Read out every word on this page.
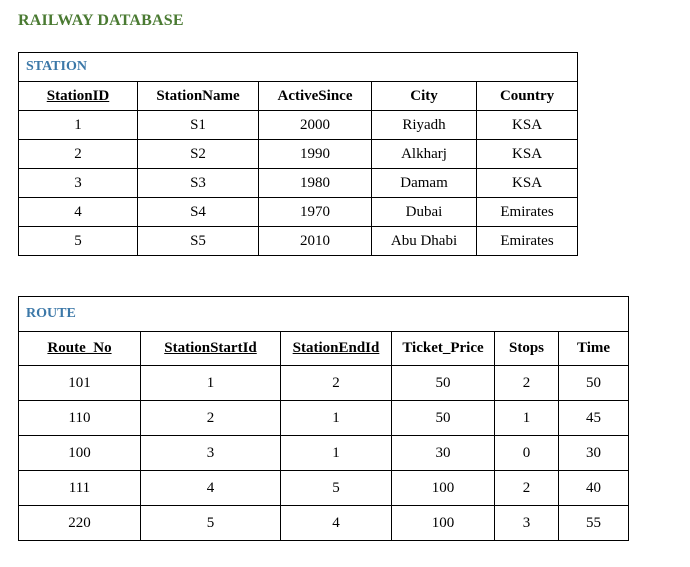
RAILWAY DATABASE
STATION				
StationID	StationName	ActiveSince	City	Country
1	S1	2000	Riyadh	KSA
2	S2	1990	Alkharj	KSA
3	S3	1980	Damam	KSA
4	S4	1970	Dubai	Emirates
5	S5	2010	Abu Dhabi	Emirates
ROUTE					
Route_No	StationStartId	StationEndId	Ticket_Price	Stops	Time
101	1	2	50	2	50
110	2	1	50	1	45
100	3	1	30	0	30
111	4	5	100	2	40
220	5	4	100	3	55
